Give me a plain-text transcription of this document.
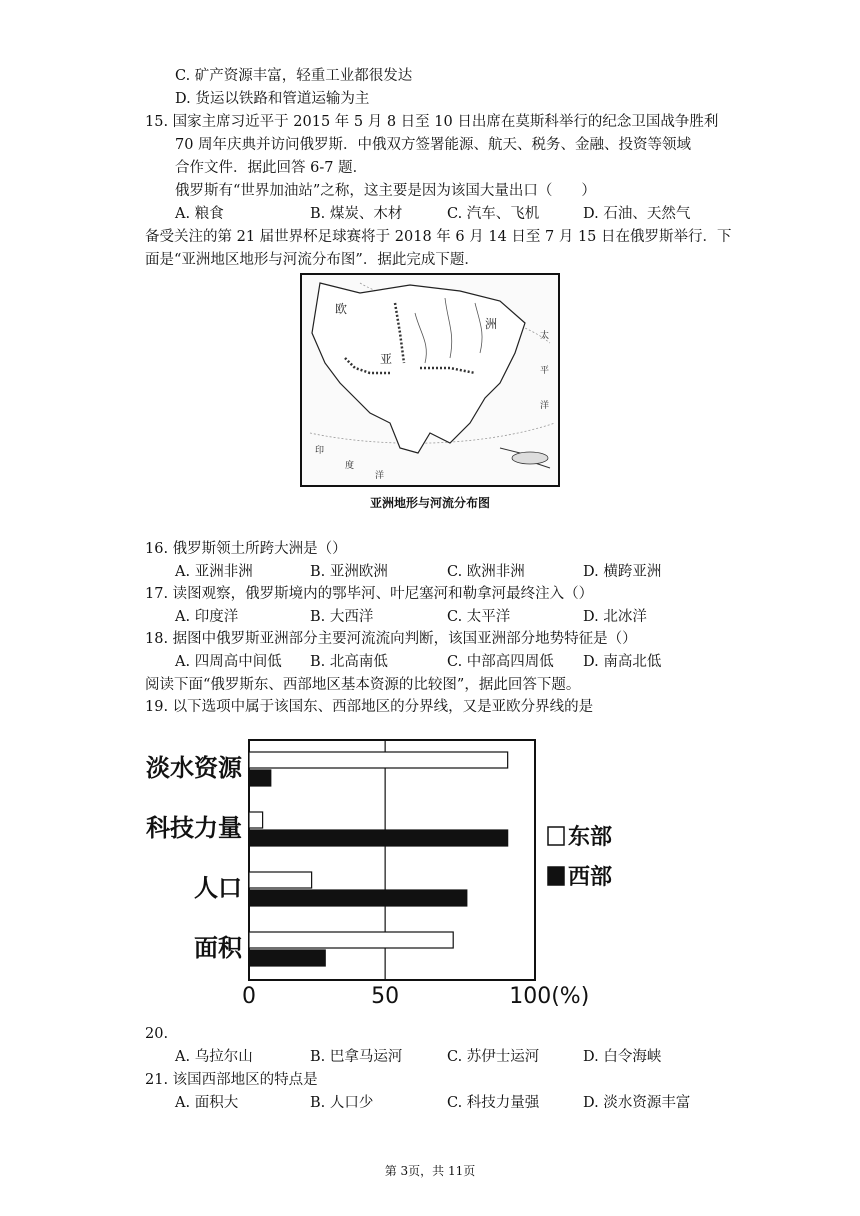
C. 矿产资源丰富，轻重工业都很发达
D. 货运以铁路和管道运输为主
15. 国家主席习近平于 2015 年 5 月 8 日至 10 日出席在莫斯科举行的纪念卫国战争胜利
70 周年庆典并访问俄罗斯．中俄双方签署能源、航天、税务、金融、投资等领域
合作文件．据此回答 6-7 题．
俄罗斯有“世界加油站”之称，这主要是因为该国大量出口（　　）
A. 粮食	B. 煤炭、木材	C. 汽车、飞机	D. 石油、天然气
备受关注的第 21 届世界杯足球赛将于 2018 年 6 月 14 日至 7 月 15 日在俄罗斯举行．下
面是“亚洲地区地形与河流分布图”．据此完成下题．
欧
亚
洲
太
平
洋
印
度
洋
亚洲地形与河流分布图
16. 俄罗斯领土所跨大洲是（）
A. 亚洲非洲	B. 亚洲欧洲	C. 欧洲非洲	D. 横跨亚洲
17. 读图观察，俄罗斯境内的鄂毕河、叶尼塞河和勒拿河最终注入（）
A. 印度洋	B. 大西洋	C. 太平洋	D. 北冰洋
18. 据图中俄罗斯亚洲部分主要河流流向判断，该国亚洲部分地势特征是（）
A. 四周高中间低 B. 北高南低	C. 中部高四周低 D. 南高北低
阅读下面“俄罗斯东、西部地区基本资源的比较图”，据此回答下题。
19. 以下选项中属于该国东、西部地区的分界线，又是亚欧分界线的是
淡水资源
科技力量
人口
面积
0	50	100(%)
东部
西部
20.
A. 乌拉尔山	B. 巴拿马运河	C. 苏伊士运河	D. 白令海峡
21. 该国西部地区的特点是
A. 面积大	B. 人口少	C. 科技力量强	D. 淡水资源丰富
第 3页，共 11页
